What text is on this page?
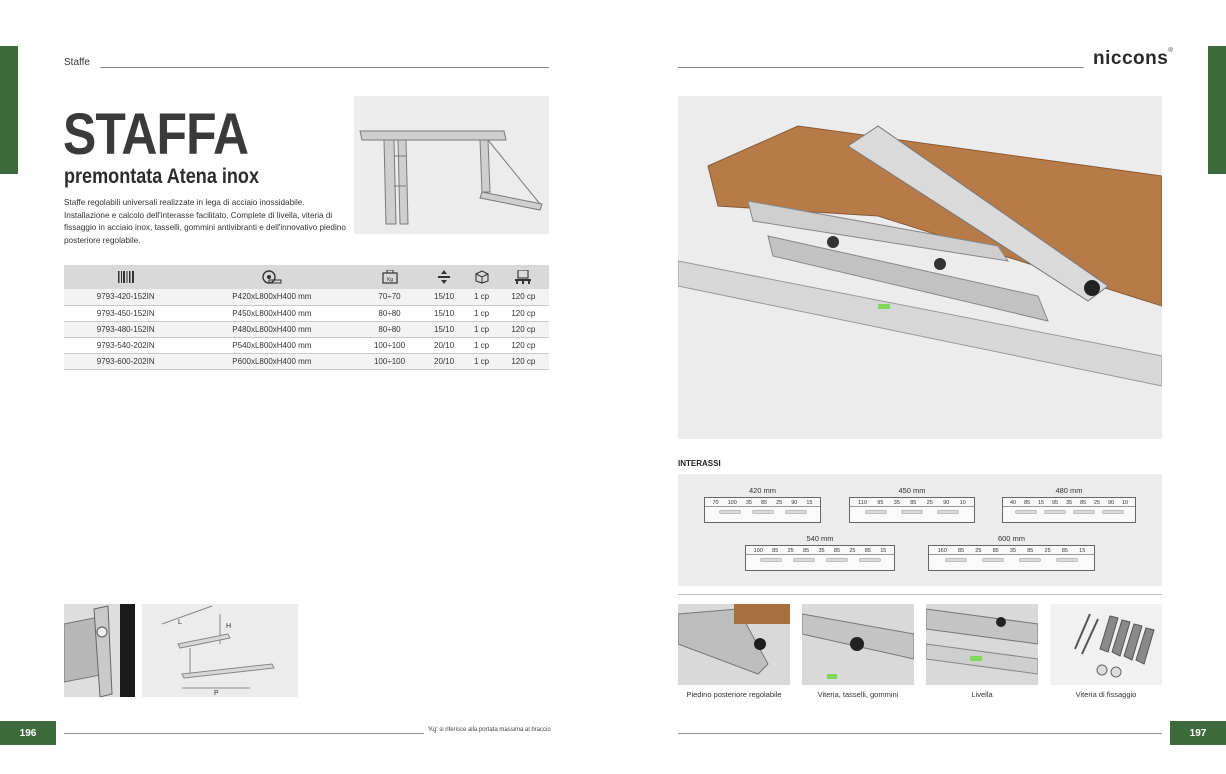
Staffe	niccons®
STAFFA
premontata Atena inox
Staffe regolabili universali realizzate in lega di acciaio inossidabile. Installazione e calcolo dell'interasse facilitato. Complete di livella, viteria di fissaggio in acciaio inox, tasselli, gommini antivibranti e dell'innovativo piedino posteriore regolabile.

Kg

9793-420-152IN	P420xL800xH400 mm	70÷70	15/10	1 cp	120 cp
9793-450-152IN	P450xL800xH400 mm	80÷80	15/10	1 cp	120 cp
9793-480-152IN	P480xL800xH400 mm	80÷80	15/10	1 cp	120 cp
9793-540-202IN	P540xL800xH400 mm	100÷100	20/10	1 cp	120 cp
9793-600-202IN	P600xL800xH400 mm	100÷100	20/10	1 cp	120 cp
L
H
P
INTERASSI
420 mm
70 100 35 85 25 90 15
450 mm
110 95 35 85 25 90 10
480 mm
40 85 15 95 35 85 25 90 10
540 mm
100 85 25 85 35 85 25 85 15
600 mm
160 85 25 85 35 85 25 85 15
Piedino posteriore regolabile	Viteria, tasselli, gommini	Livella	Viteria di fissaggio
196	'Kg' si riferisce alla portata massima al braccio	197
